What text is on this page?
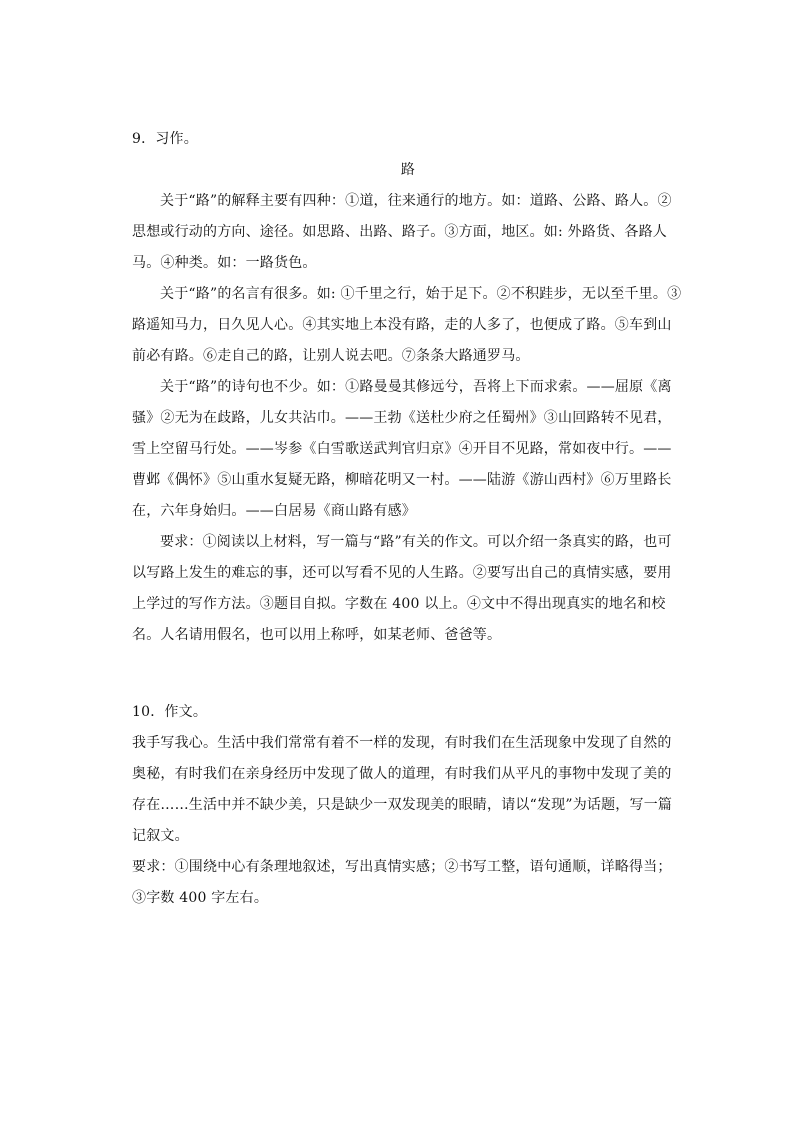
9．习作。
路

关于“路”的解释主要有四种：①道，往来通行的地方。如：道路、公路、路人。②思想或行动的方向、途径。如思路、出路、路子。③方面，地区。如: 外路货、各路人马。④种类。如：一路货色。

关于“路”的名言有很多。如: ①千里之行，始于足下。②不积跬步，无以至千里。③路遥知马力，日久见人心。④其实地上本没有路，走的人多了，也便成了路。⑤车到山前必有路。⑥走自己的路，让别人说去吧。⑦条条大路通罗马。

关于“路”的诗句也不少。如：①路曼曼其修远兮，吾将上下而求索。——屈原《离骚》②无为在歧路，儿女共沾巾。——王勃《送杜少府之任蜀州》③山回路转不见君，雪上空留马行处。——岑参《白雪歌送武判官归京》④开目不见路，常如夜中行。——曹邺《偶怀》⑤山重水复疑无路，柳暗花明又一村。——陆游《游山西村》⑥万里路长在，六年身始归。——白居易《商山路有感》

要求：①阅读以上材料，写一篇与“路”有关的作文。可以介绍一条真实的路，也可以写路上发生的难忘的事，还可以写看不见的人生路。②要写出自己的真情实感，要用上学过的写作方法。③题目自拟。字数在 400 以上。④文中不得出现真实的地名和校名。人名请用假名，也可以用上称呼，如某老师、爸爸等。

10．作文。

我手写我心。生活中我们常常有着不一样的发现，有时我们在生活现象中发现了自然的奥秘，有时我们在亲身经历中发现了做人的道理，有时我们从平凡的事物中发现了美的存在……生活中并不缺少美，只是缺少一双发现美的眼睛，请以“发现”为话题，写一篇记叙文。

要求：①围绕中心有条理地叙述，写出真情实感；②书写工整，语句通顺，详略得当；③字数 400 字左右。
